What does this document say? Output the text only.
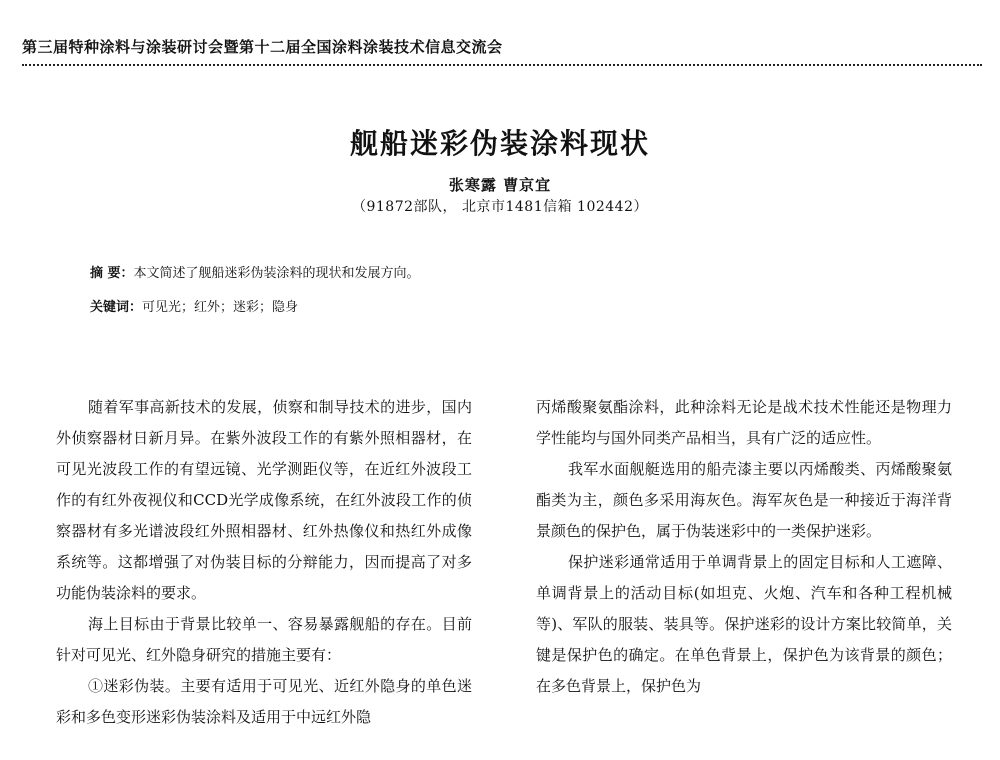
第三届特种涂料与涂装研讨会暨第十二届全国涂料涂装技术信息交流会
舰船迷彩伪装涂料现状
张寒露 曹京宜
（91872部队， 北京市1481信箱 102442）
摘 要：本文简述了舰船迷彩伪装涂料的现状和发展方向。
关键词：可见光；红外；迷彩；隐身

随着军事高新技术的发展，侦察和制导技术的进步，国内外侦察器材日新月异。在紫外波段工作的有紫外照相器材，在可见光波段工作的有望远镜、光学测距仪等，在近红外波段工作的有红外夜视仪和CCD光学成像系统，在红外波段工作的侦察器材有多光谱波段红外照相器材、红外热像仪和热红外成像系统等。这都增强了对伪装目标的分辩能力，因而提高了对多功能伪装涂料的要求。

海上目标由于背景比较单一、容易暴露舰船的存在。目前针对可见光、红外隐身研究的措施主要有：

①迷彩伪装。主要有适用于可见光、近红外隐身的单色迷彩和多色变形迷彩伪装涂料及适用于中远红外隐

丙烯酸聚氨酯涂料，此种涂料无论是战术技术性能还是物理力学性能均与国外同类产品相当，具有广泛的适应性。

我军水面舰艇选用的船壳漆主要以丙烯酸类、丙烯酸聚氨酯类为主，颜色多采用海灰色。海军灰色是一种接近于海洋背景颜色的保护色，属于伪装迷彩中的一类保护迷彩。

保护迷彩通常适用于单调背景上的固定目标和人工遮障、单调背景上的活动目标(如坦克、火炮、汽车和各种工程机械等)、军队的服装、装具等。保护迷彩的设计方案比较简单，关键是保护色的确定。在单色背景上，保护色为该背景的颜色；在多色背景上，保护色为
